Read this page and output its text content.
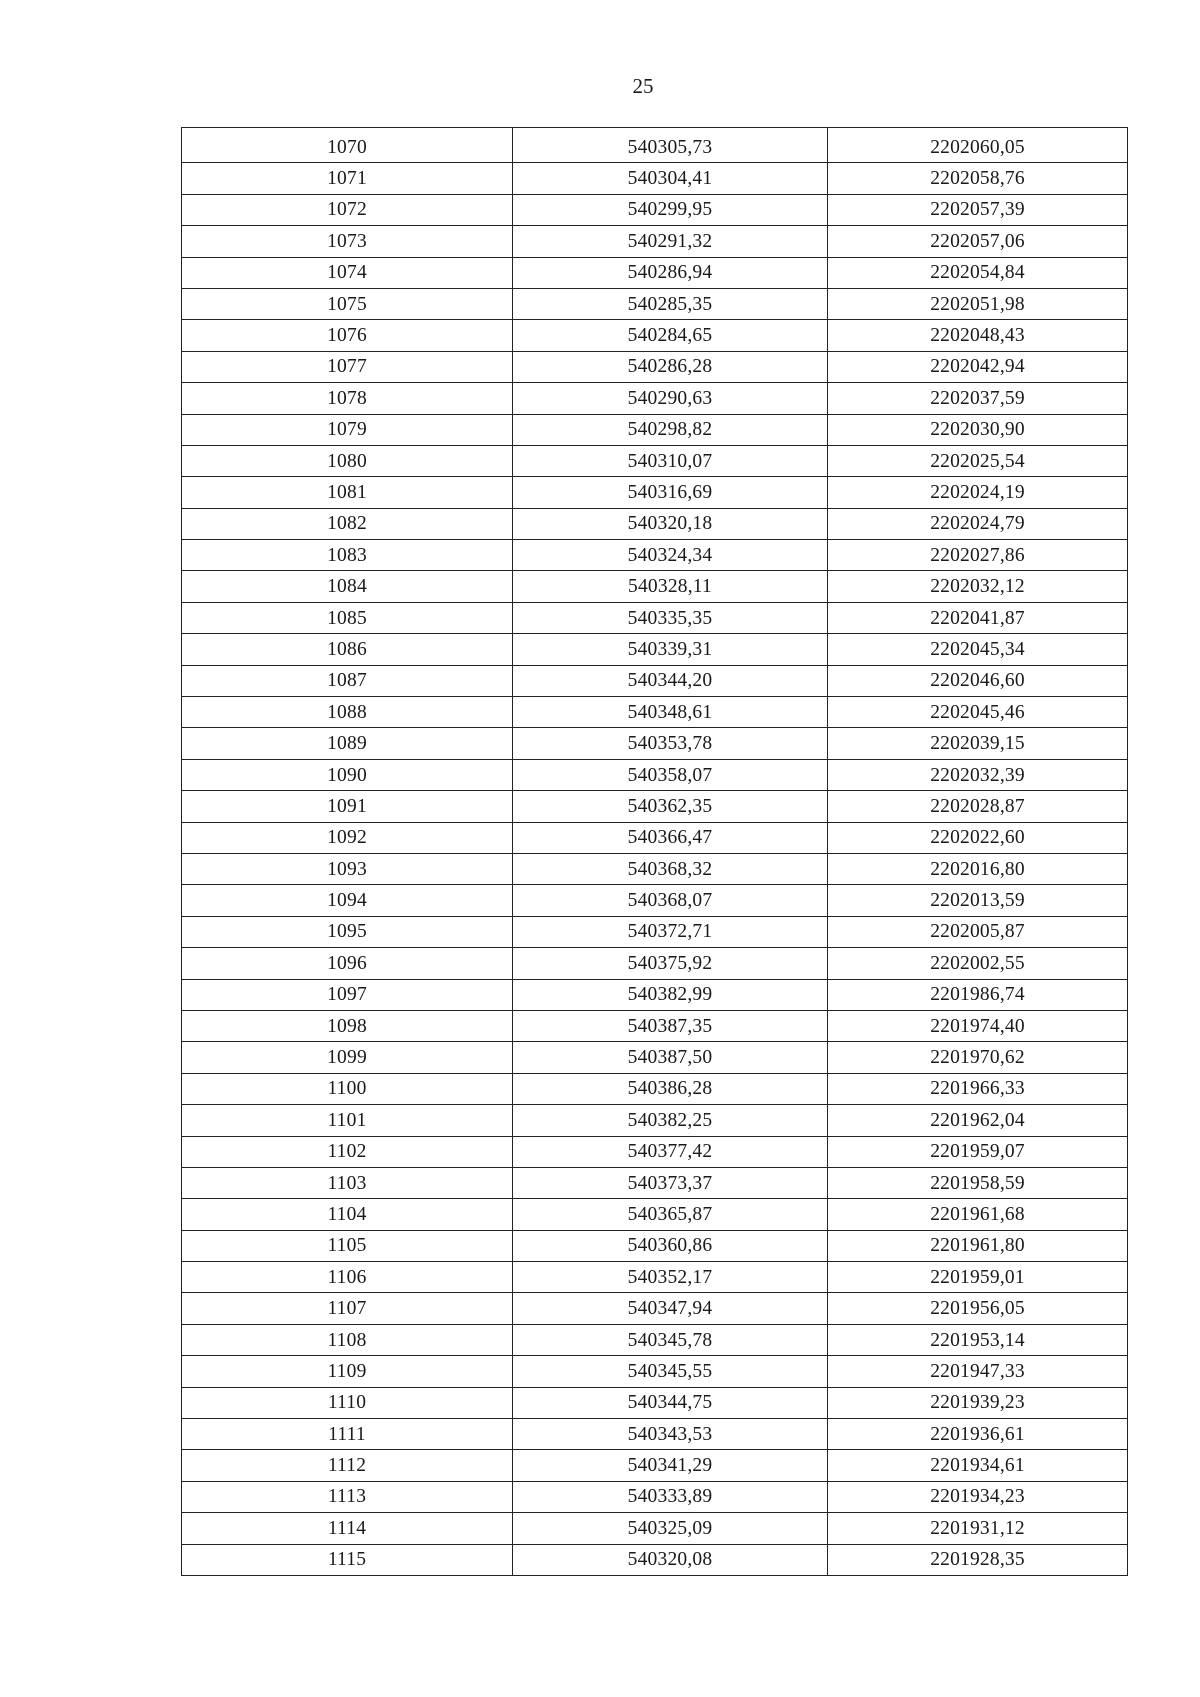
25
1070	540305,73	2202060,05
1071	540304,41	2202058,76
1072	540299,95	2202057,39
1073	540291,32	2202057,06
1074	540286,94	2202054,84
1075	540285,35	2202051,98
1076	540284,65	2202048,43
1077	540286,28	2202042,94
1078	540290,63	2202037,59
1079	540298,82	2202030,90
1080	540310,07	2202025,54
1081	540316,69	2202024,19
1082	540320,18	2202024,79
1083	540324,34	2202027,86
1084	540328,11	2202032,12
1085	540335,35	2202041,87
1086	540339,31	2202045,34
1087	540344,20	2202046,60
1088	540348,61	2202045,46
1089	540353,78	2202039,15
1090	540358,07	2202032,39
1091	540362,35	2202028,87
1092	540366,47	2202022,60
1093	540368,32	2202016,80
1094	540368,07	2202013,59
1095	540372,71	2202005,87
1096	540375,92	2202002,55
1097	540382,99	2201986,74
1098	540387,35	2201974,40
1099	540387,50	2201970,62
1100	540386,28	2201966,33
1101	540382,25	2201962,04
1102	540377,42	2201959,07
1103	540373,37	2201958,59
1104	540365,87	2201961,68
1105	540360,86	2201961,80
1106	540352,17	2201959,01
1107	540347,94	2201956,05
1108	540345,78	2201953,14
1109	540345,55	2201947,33
1110	540344,75	2201939,23
1111	540343,53	2201936,61
1112	540341,29	2201934,61
1113	540333,89	2201934,23
1114	540325,09	2201931,12
1115	540320,08	2201928,35
